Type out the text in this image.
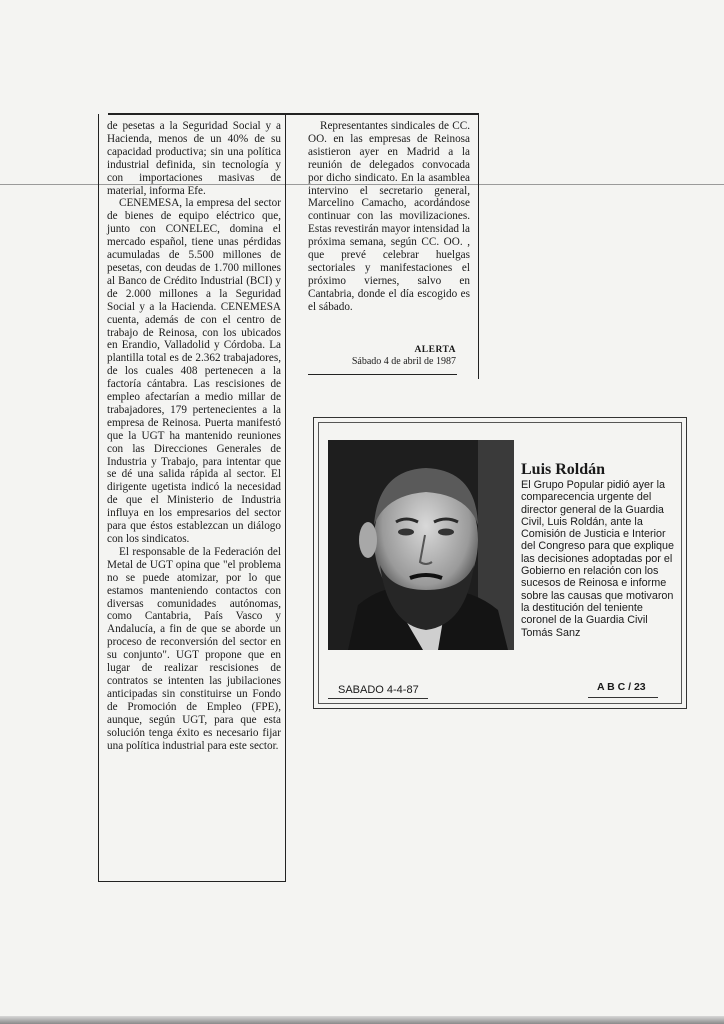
de pesetas a la Seguridad Social y a Hacienda, menos de un 40% de su capacidad productiva; sin una política industrial definida, sin tecnología y con importaciones masivas de material, informa Efe.

CENEMESA, la empresa del sector de bienes de equipo eléctrico que, junto con CONELEC, domina el mercado español, tiene unas pérdidas acumuladas de 5.500 millones de pesetas, con deudas de 1.700 millones al Banco de Crédito Industrial (BCI) y de 2.000 millones a la Seguridad Social y a la Hacienda. CENEMESA cuenta, además de con el centro de trabajo de Reinosa, con los ubicados en Erandio, Valladolid y Córdoba. La plantilla total es de 2.362 trabajadores, de los cuales 408 pertenecen a la factoría cántabra. Las rescisiones de empleo afectarían a medio millar de trabajadores, 179 pertenecientes a la empresa de Reinosa. Puerta manifestó que la UGT ha mantenido reuniones con las Direcciones Generales de Industria y Trabajo, para intentar que se dé una salida rápida al sector. El dirigente ugetista indicó la necesidad de que el Ministerio de Industria influya en los empresarios del sector para que éstos establezcan un diálogo con los sindicatos.

El responsable de la Federación del Metal de UGT opina que "el problema no se puede atomizar, por lo que estamos manteniendo contactos con diversas comunidades autónomas, como Cantabria, País Vasco y Andalucía, a fin de que se aborde un proceso de reconversión del sector en su conjunto". UGT propone que en lugar de realizar rescisiones de contratos se intenten las jubilaciones anticipadas sin constituirse un Fondo de Promoción de Empleo (FPE), aunque, según UGT, para que esta solución tenga éxito es necesario fijar una política industrial para este sector.

Representantes sindicales de CC. OO. en las empresas de Reinosa asistieron ayer en Madrid a la reunión de delegados convocada por dicho sindicato. En la asamblea intervino el secretario general, Marcelino Camacho, acordándose continuar con las movilizaciones. Estas revestirán mayor intensidad la próxima semana, según CC. OO. , que prevé celebrar huelgas sectoriales y manifestaciones el próximo viernes, salvo en Cantabria, donde el día escogido es el sábado.

ALERTA
Sábado 4 de abril de 1987
Luis Roldán
El Grupo Popular pidió ayer la comparecencia urgente del director general de la Guardia Civil, Luis Roldán, ante la Comisión de Justicia e Interior del Congreso para que explique las decisiones adoptadas por el Gobierno en relación con los sucesos de Reinosa e informe sobre las causas que motivaron la destitución del teniente coronel de la Guardia Civil Tomás Sanz
SABADO 4-4-87	A B C / 23
